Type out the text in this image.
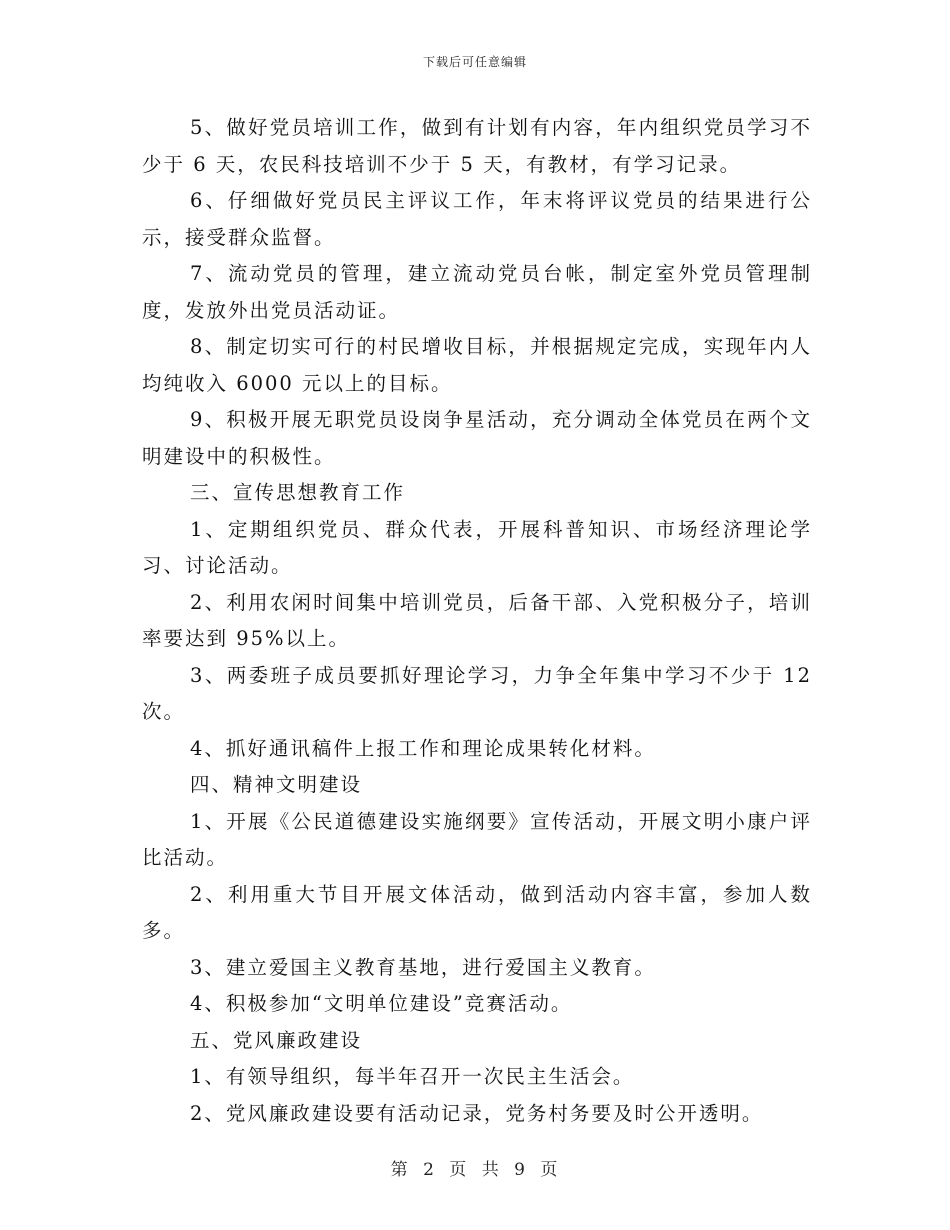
下载后可任意编辑

5、做好党员培训工作，做到有计划有内容，年内组织党员学习不少于 6 天，农民科技培训不少于 5 天，有教材，有学习记录。

6、仔细做好党员民主评议工作，年末将评议党员的结果进行公示，接受群众监督。

7、流动党员的管理，建立流动党员台帐，制定室外党员管理制度，发放外出党员活动证。

8、制定切实可行的村民增收目标，并根据规定完成，实现年内人均纯收入 6000 元以上的目标。

9、积极开展无职党员设岗争星活动，充分调动全体党员在两个文明建设中的积极性。

三、宣传思想教育工作

1、定期组织党员、群众代表，开展科普知识、市场经济理论学习、讨论活动。

2、利用农闲时间集中培训党员，后备干部、入党积极分子，培训率要达到 95%以上。

3、两委班子成员要抓好理论学习，力争全年集中学习不少于 12 次。

4、抓好通讯稿件上报工作和理论成果转化材料。

四、精神文明建设

1、开展《公民道德建设实施纲要》宣传活动，开展文明小康户评比活动。

2、利用重大节目开展文体活动，做到活动内容丰富，参加人数多。

3、建立爱国主义教育基地，进行爱国主义教育。

4、积极参加“文明单位建设”竞赛活动。

五、党风廉政建设

1、有领导组织，每半年召开一次民主生活会。

2、党风廉政建设要有活动记录，党务村务要及时公开透明。

第 2 页 共 9 页
